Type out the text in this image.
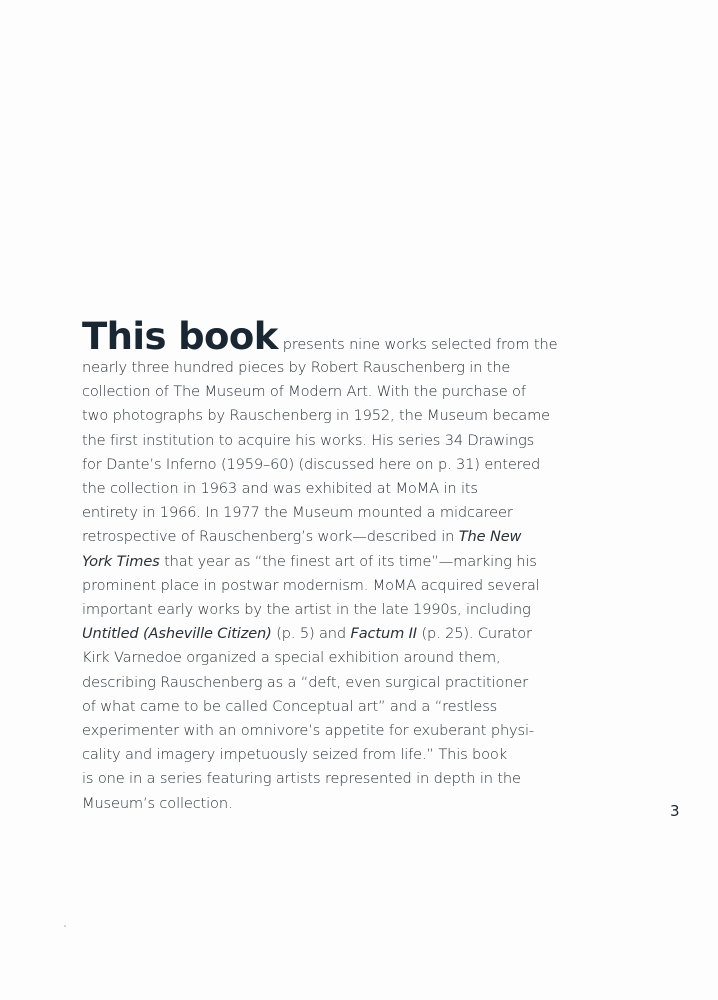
This book presents nine works selected from the
nearly three hundred pieces by Robert Rauschenberg in the
collection of The Museum of Modern Art. With the purchase of
two photographs by Rauschenberg in 1952, the Museum became
the first institution to acquire his works. His series 34 Drawings
for Dante’s Inferno (1959–60) (discussed here on p. 31) entered
the collection in 1963 and was exhibited at MoMA in its
entirety in 1966. In 1977 the Museum mounted a midcareer
retrospective of Rauschenberg’s work—described in The New
York Times that year as “the finest art of its time”—marking his
prominent place in postwar modernism. MoMA acquired several
important early works by the artist in the late 1990s, including
Untitled (Asheville Citizen) (p. 5) and Factum II (p. 25). Curator
Kirk Varnedoe organized a special exhibition around them,
describing Rauschenberg as a “deft, even surgical practitioner
of what came to be called Conceptual art” and a “restless
experimenter with an omnivore’s appetite for exuberant physi-
cality and imagery impetuously seized from life.” This book
is one in a series featuring artists represented in depth in the
Museum’s collection.	3
